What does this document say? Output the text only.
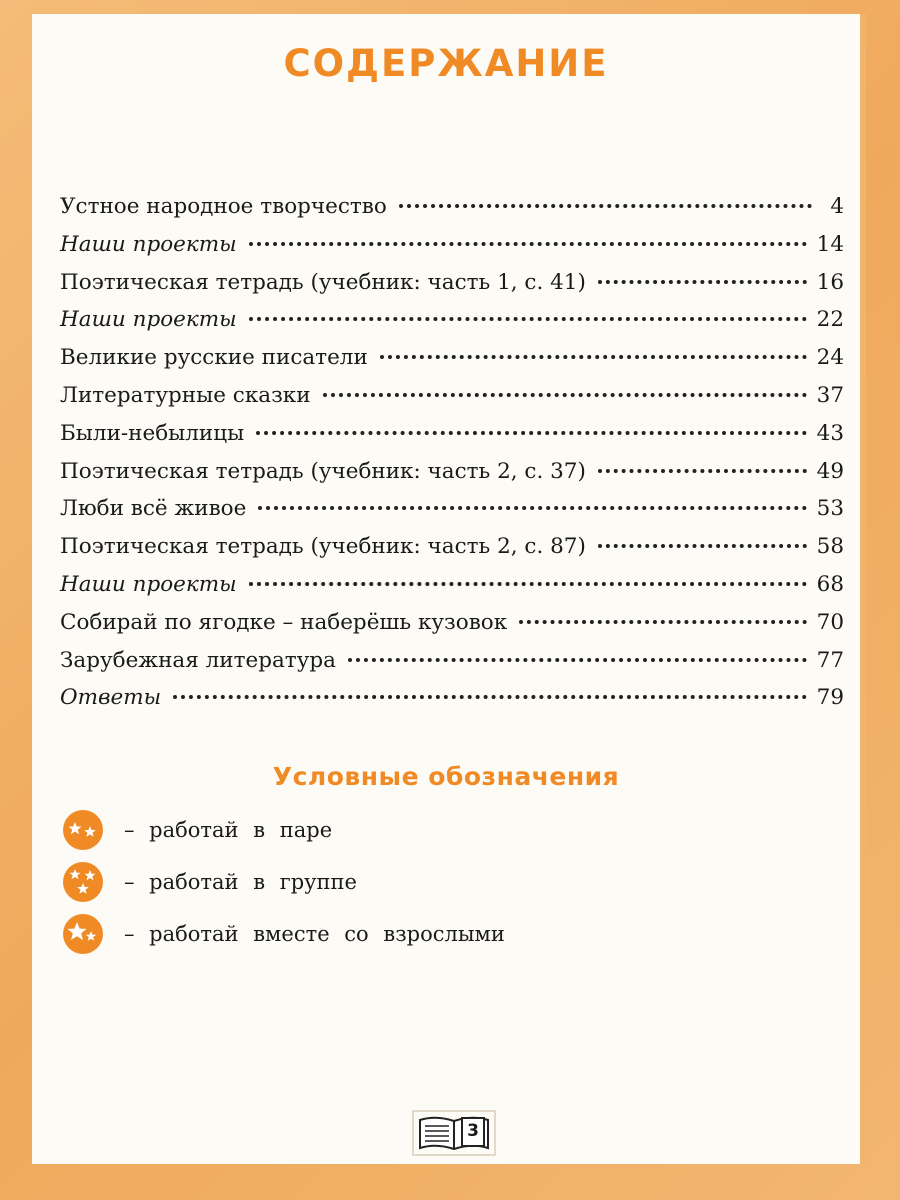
СОДЕРЖАНИЕ
Устное народное творчество	4
Наши проекты	14
Поэтическая тетрадь (учебник: часть 1, с. 41)	16
Наши проекты	22
Великие русские писатели	24
Литературные сказки	37
Были-небылицы	43
Поэтическая тетрадь (учебник: часть 2, с. 37)	49
Люби всё живое	53
Поэтическая тетрадь (учебник: часть 2, с. 87)	58
Наши проекты	68
Собирай по ягодке – наберёшь кузовок	70
Зарубежная литература	77
Ответы	79
Условные обозначения
– работай в паре
– работай в группе
– работай вместе со взрослыми
3
